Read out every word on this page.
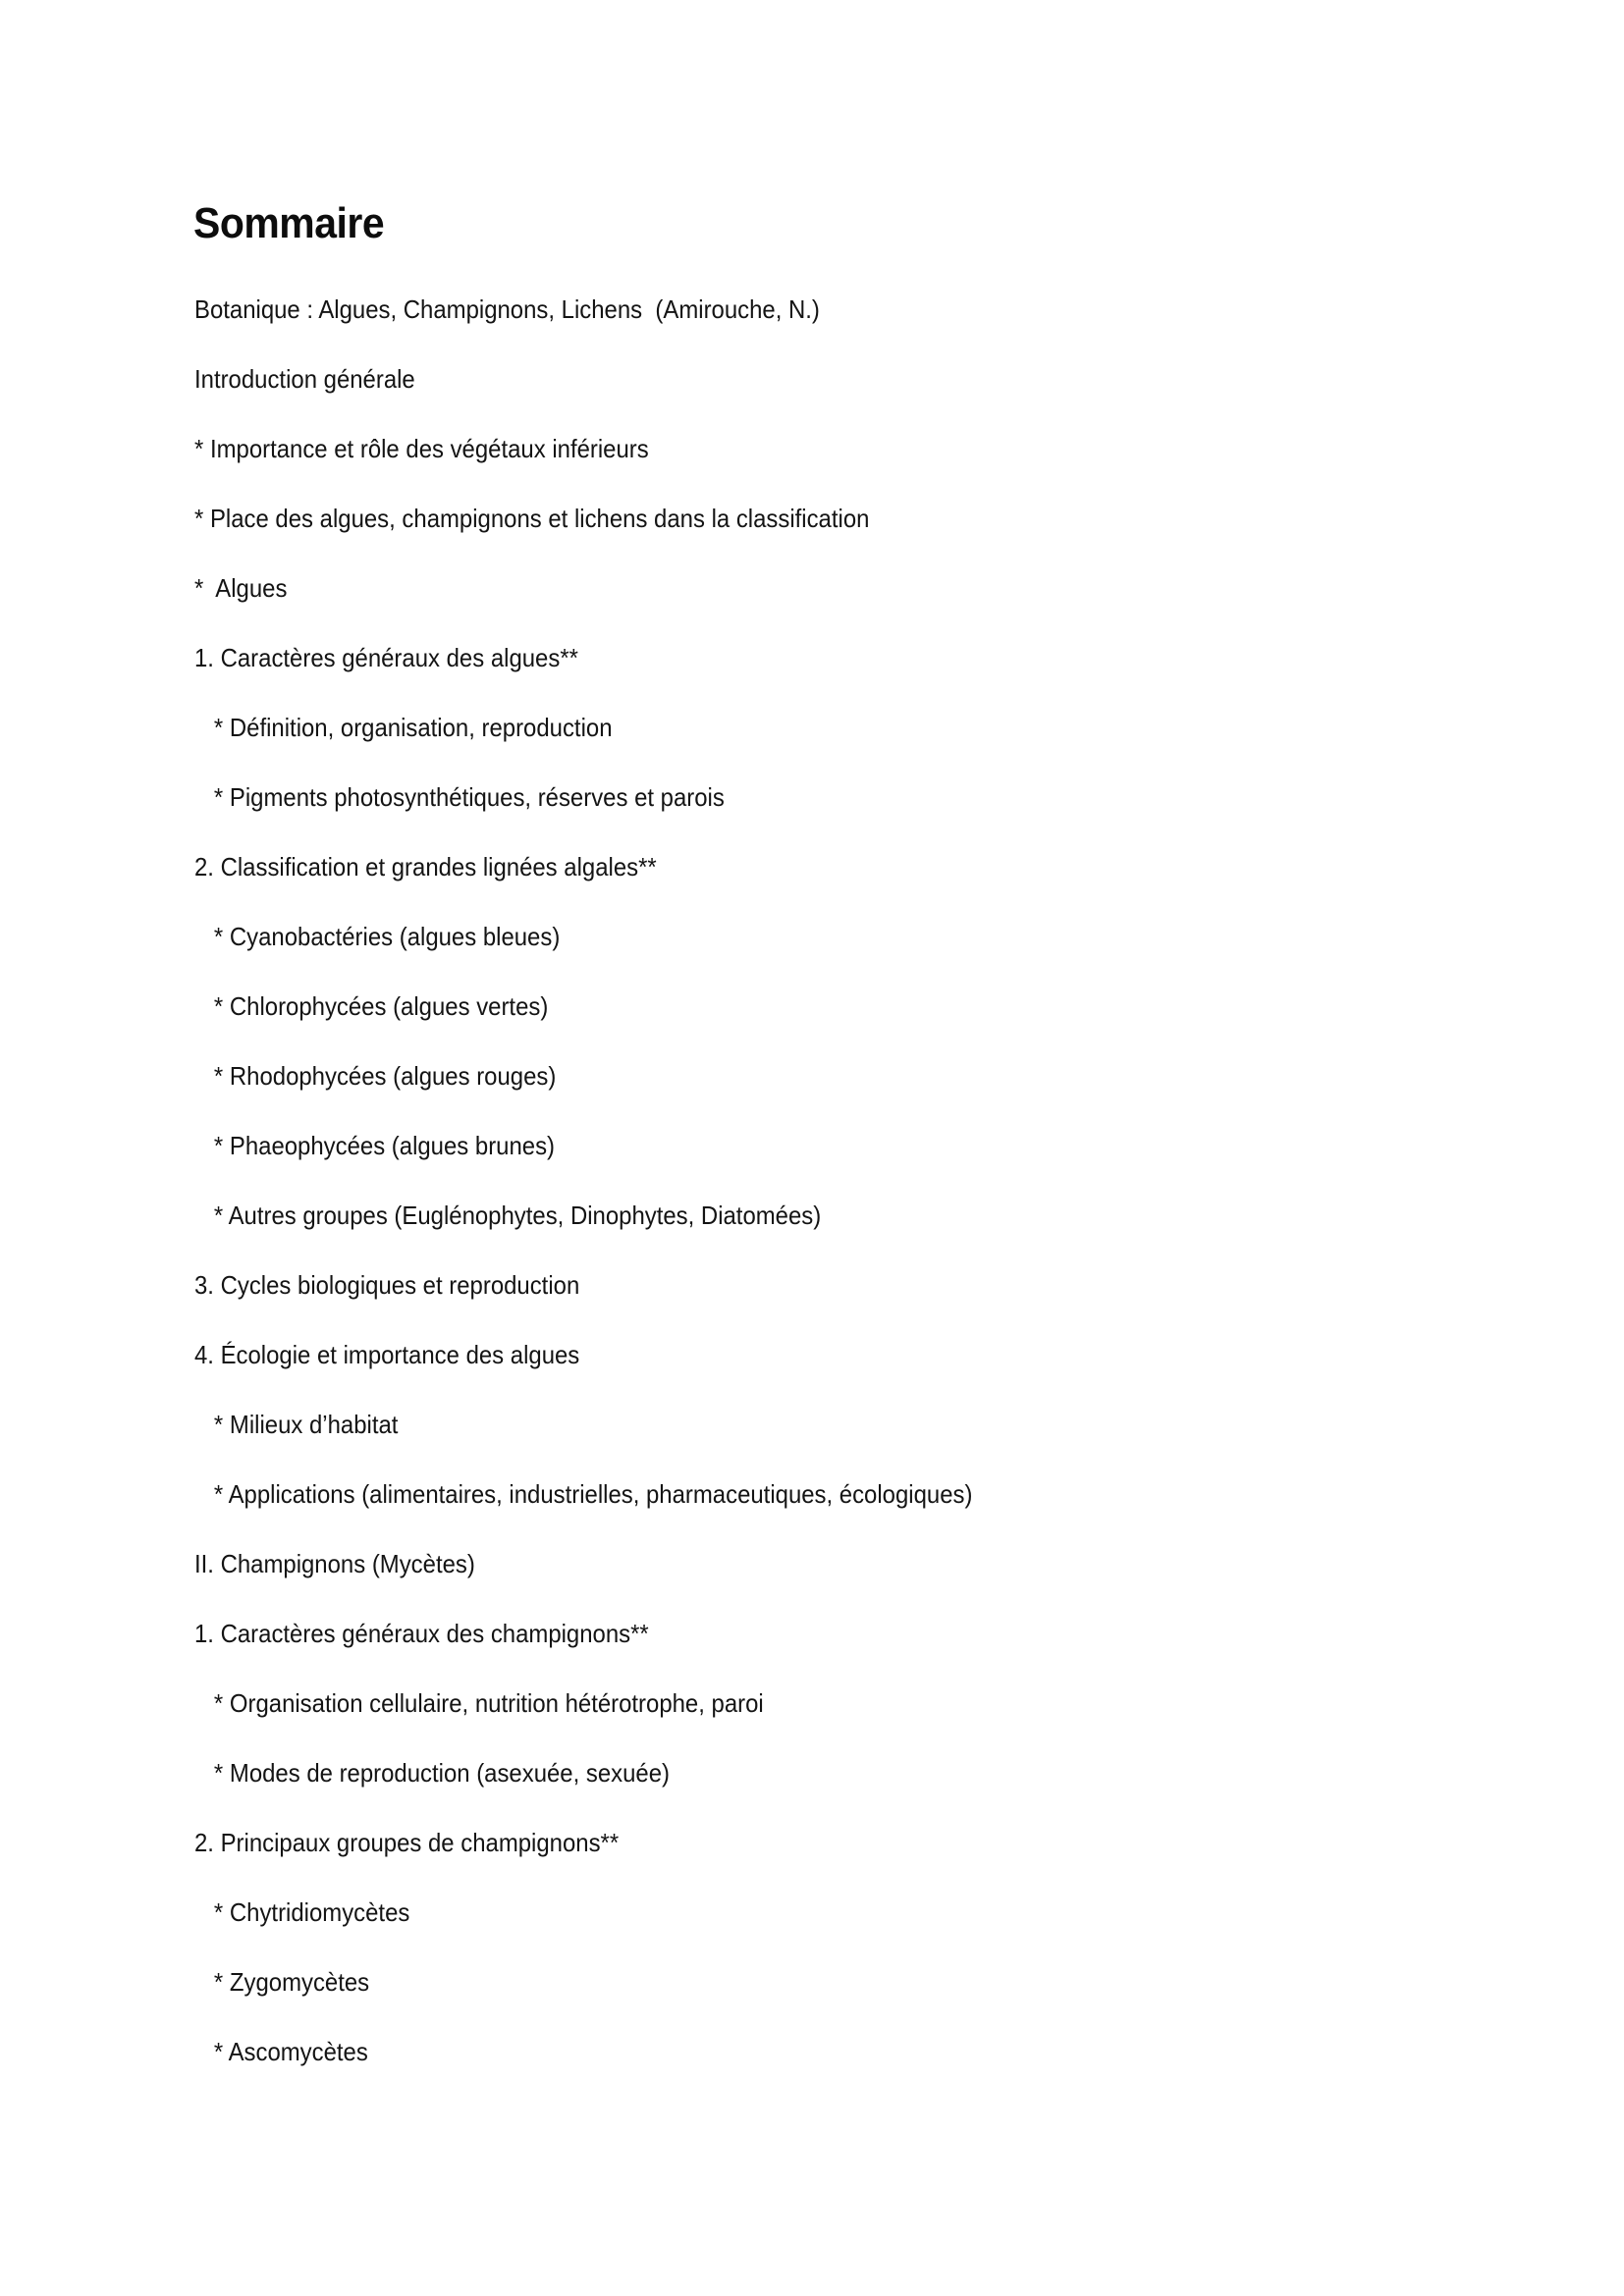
Sommaire
Botanique : Algues, Champignons, Lichens  (Amirouche, N.)
Introduction générale
* Importance et rôle des végétaux inférieurs
* Place des algues, champignons et lichens dans la classification
*  Algues
1. Caractères généraux des algues**
* Définition, organisation, reproduction
* Pigments photosynthétiques, réserves et parois
2. Classification et grandes lignées algales**
* Cyanobactéries (algues bleues)
* Chlorophycées (algues vertes)
* Rhodophycées (algues rouges)
* Phaeophycées (algues brunes)
* Autres groupes (Euglénophytes, Dinophytes, Diatomées)
3. Cycles biologiques et reproduction
4. Écologie et importance des algues
* Milieux d’habitat
* Applications (alimentaires, industrielles, pharmaceutiques, écologiques)
II. Champignons (Mycètes)
1. Caractères généraux des champignons**
* Organisation cellulaire, nutrition hétérotrophe, paroi
* Modes de reproduction (asexuée, sexuée)
2. Principaux groupes de champignons**
* Chytridiomycètes
* Zygomycètes
* Ascomycètes
